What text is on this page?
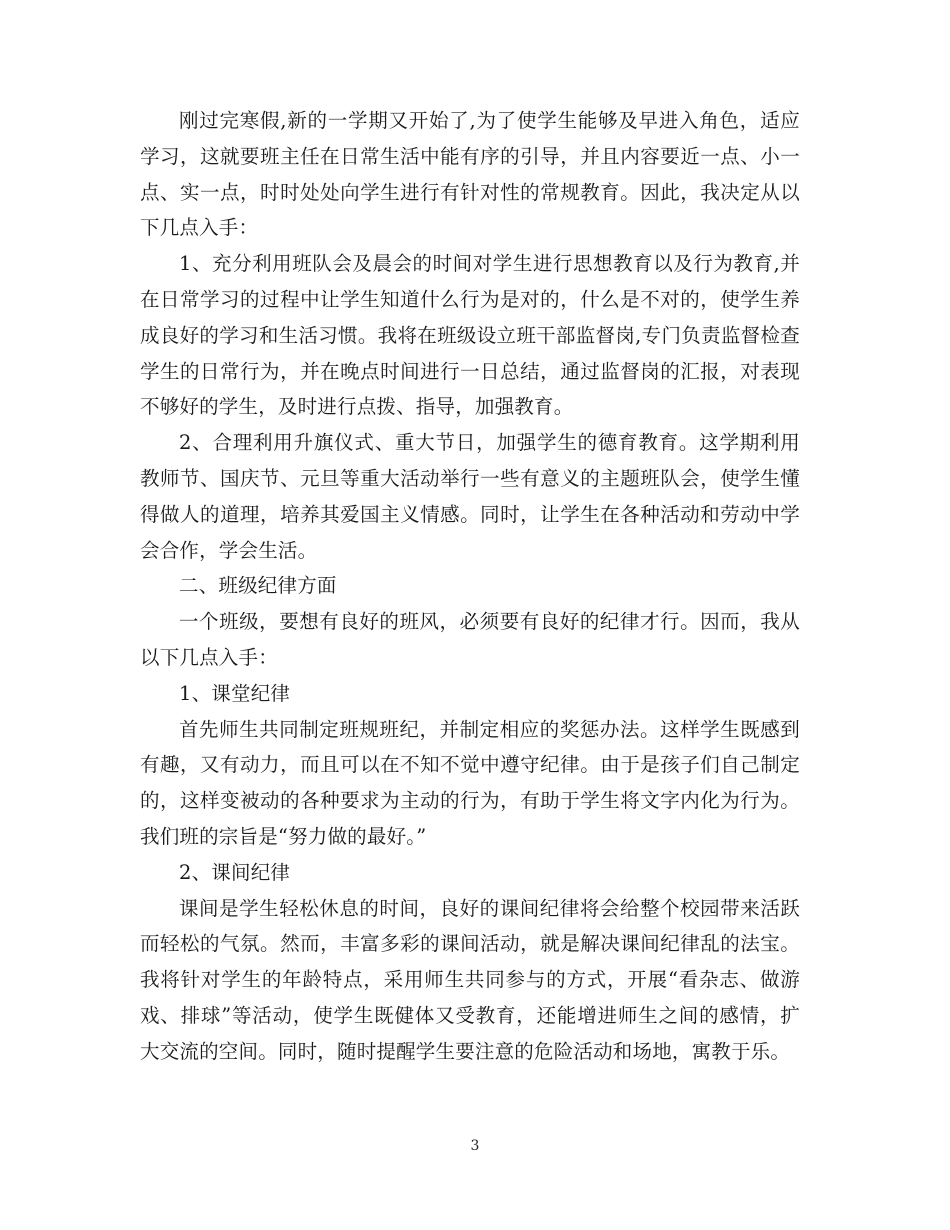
刚过完寒假,新的一学期又开始了,为了使学生能够及早进入角色，适应学习，这就要班主任在日常生活中能有序的引导，并且内容要近一点、小一点、实一点，时时处处向学生进行有针对性的常规教育。因此，我决定从以下几点入手：

1、充分利用班队会及晨会的时间对学生进行思想教育以及行为教育,并在日常学习的过程中让学生知道什么行为是对的，什么是不对的，使学生养成良好的学习和生活习惯。我将在班级设立班干部监督岗,专门负责监督检查学生的日常行为，并在晚点时间进行一日总结，通过监督岗的汇报，对表现不够好的学生，及时进行点拨、指导，加强教育。

2、合理利用升旗仪式、重大节日，加强学生的德育教育。这学期利用教师节、国庆节、元旦等重大活动举行一些有意义的主题班队会，使学生懂得做人的道理，培养其爱国主义情感。同时，让学生在各种活动和劳动中学会合作，学会生活。

二、班级纪律方面

一个班级，要想有良好的班风，必须要有良好的纪律才行。因而，我从以下几点入手：

1、课堂纪律

首先师生共同制定班规班纪，并制定相应的奖惩办法。这样学生既感到有趣，又有动力，而且可以在不知不觉中遵守纪律。由于是孩子们自己制定的，这样变被动的各种要求为主动的行为，有助于学生将文字内化为行为。我们班的宗旨是“努力做的最好。”

2、课间纪律

课间是学生轻松休息的时间，良好的课间纪律将会给整个校园带来活跃而轻松的气氛。然而，丰富多彩的课间活动，就是解决课间纪律乱的法宝。我将针对学生的年龄特点，采用师生共同参与的方式，开展“看杂志、做游戏、排球”等活动，使学生既健体又受教育，还能增进师生之间的感情，扩大交流的空间。同时，随时提醒学生要注意的危险活动和场地，寓教于乐。

3
